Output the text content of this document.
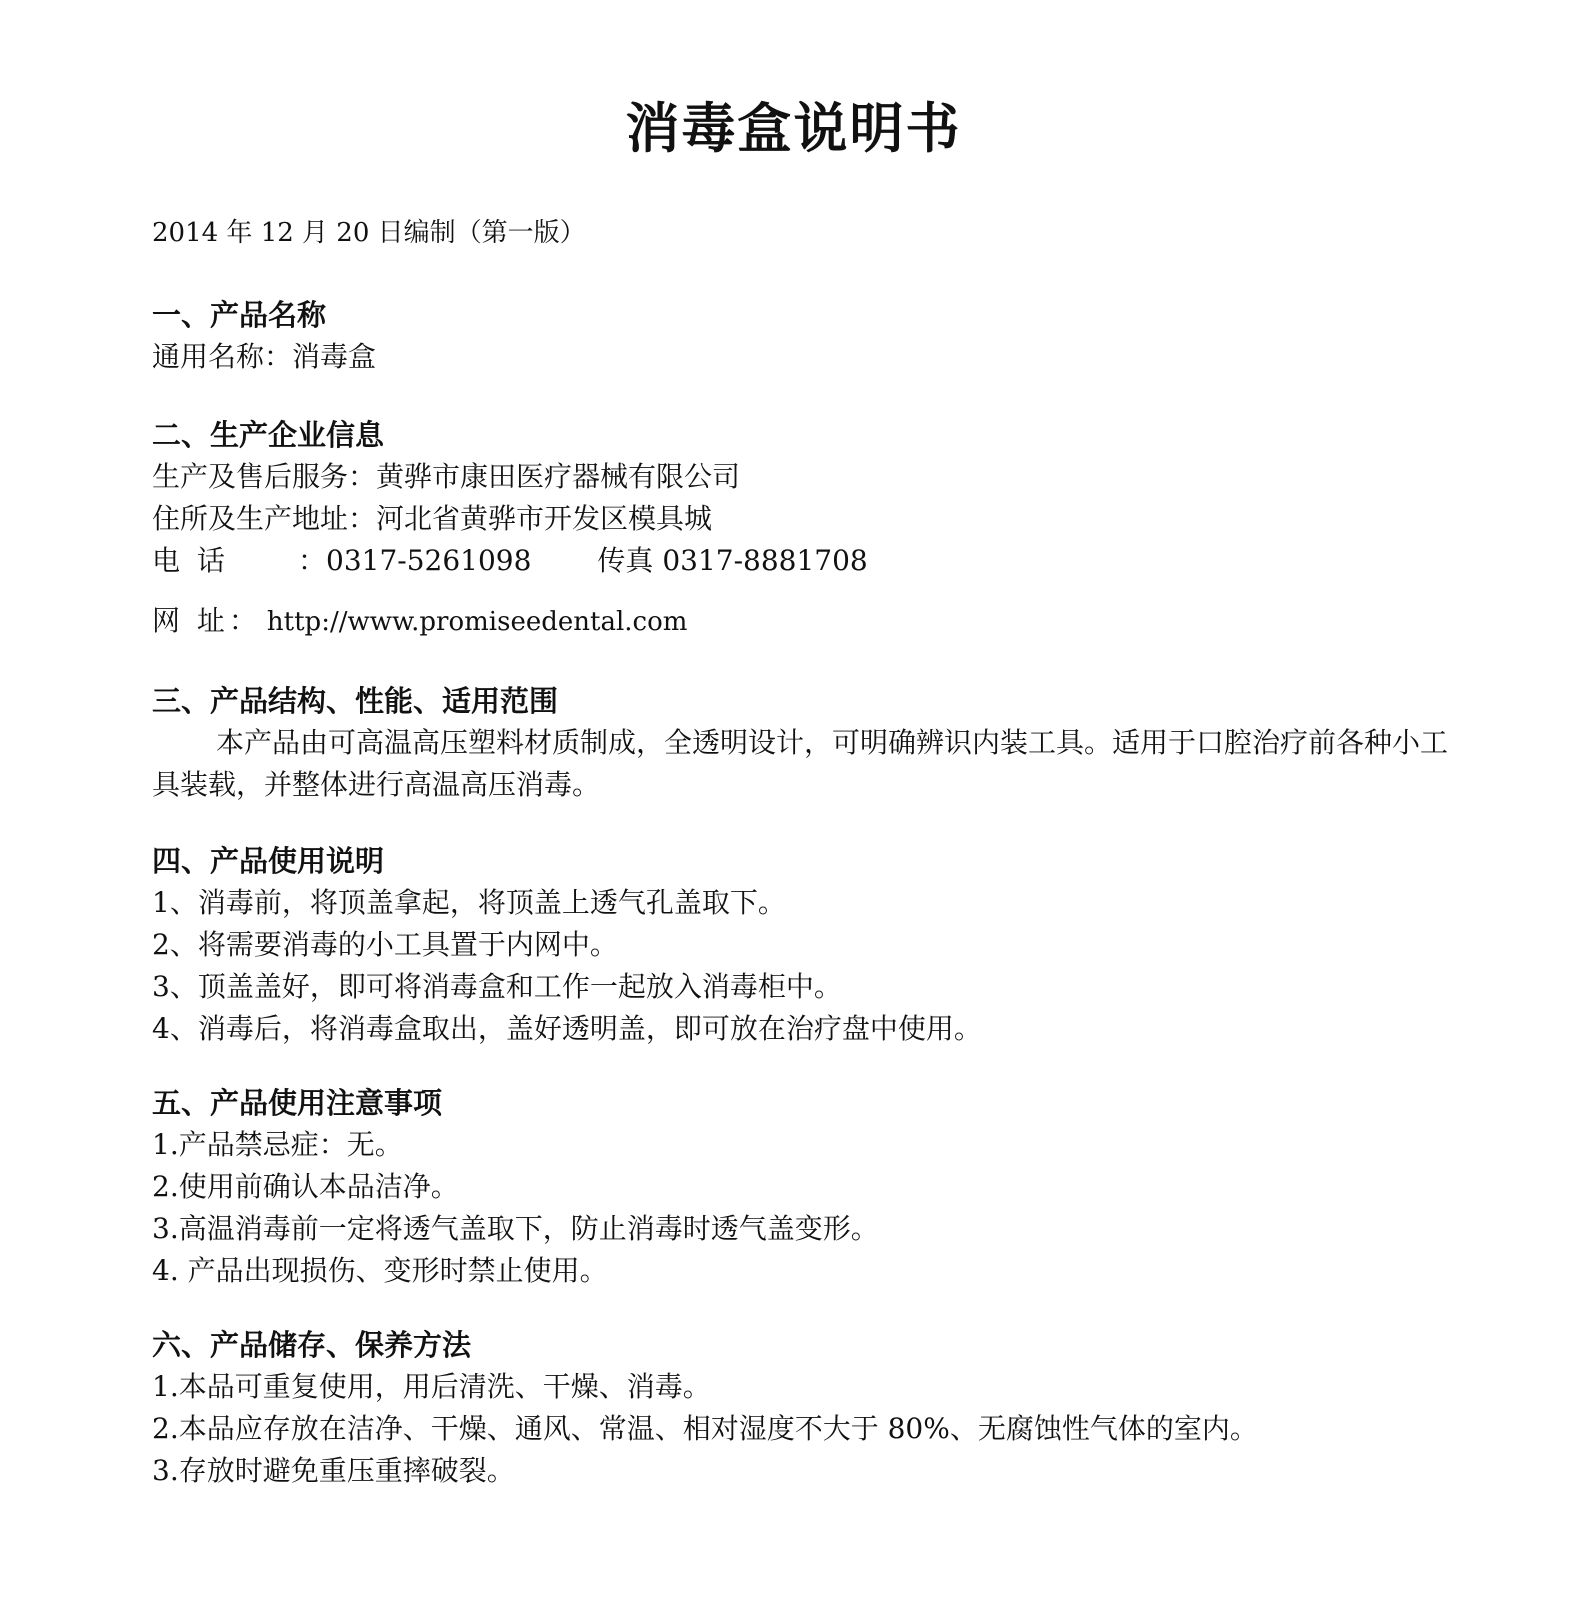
消毒盒说明书
2014 年 12 月 20 日编制（第一版）

一、产品名称

通用名称：消毒盒

二、生产企业信息

生产及售后服务：黄骅市康田医疗器械有限公司

住所及生产地址：河北省黄骅市开发区模具城

电 话	： 0317-5261098 传真 0317-8881708

网 址： http://www.promiseedental.com

三、产品结构、性能、适用范围

本产品由可高温高压塑料材质制成，全透明设计，可明确辨识内装工具。适用于口腔治疗前各种小工具装载，并整体进行高温高压消毒。

四、产品使用说明

1、消毒前，将顶盖拿起，将顶盖上透气孔盖取下。

2、将需要消毒的小工具置于内网中。

3、顶盖盖好，即可将消毒盒和工作一起放入消毒柜中。

4、消毒后，将消毒盒取出，盖好透明盖，即可放在治疗盘中使用。

五、产品使用注意事项

1.产品禁忌症：无。

2.使用前确认本品洁净。

3.高温消毒前一定将透气盖取下，防止消毒时透气盖变形。

4. 产品出现损伤、变形时禁止使用。

六、产品储存、保养方法

1.本品可重复使用，用后清洗、干燥、消毒。

2.本品应存放在洁净、干燥、通风、常温、相对湿度不大于 80%、无腐蚀性气体的室内。

3.存放时避免重压重摔破裂。
